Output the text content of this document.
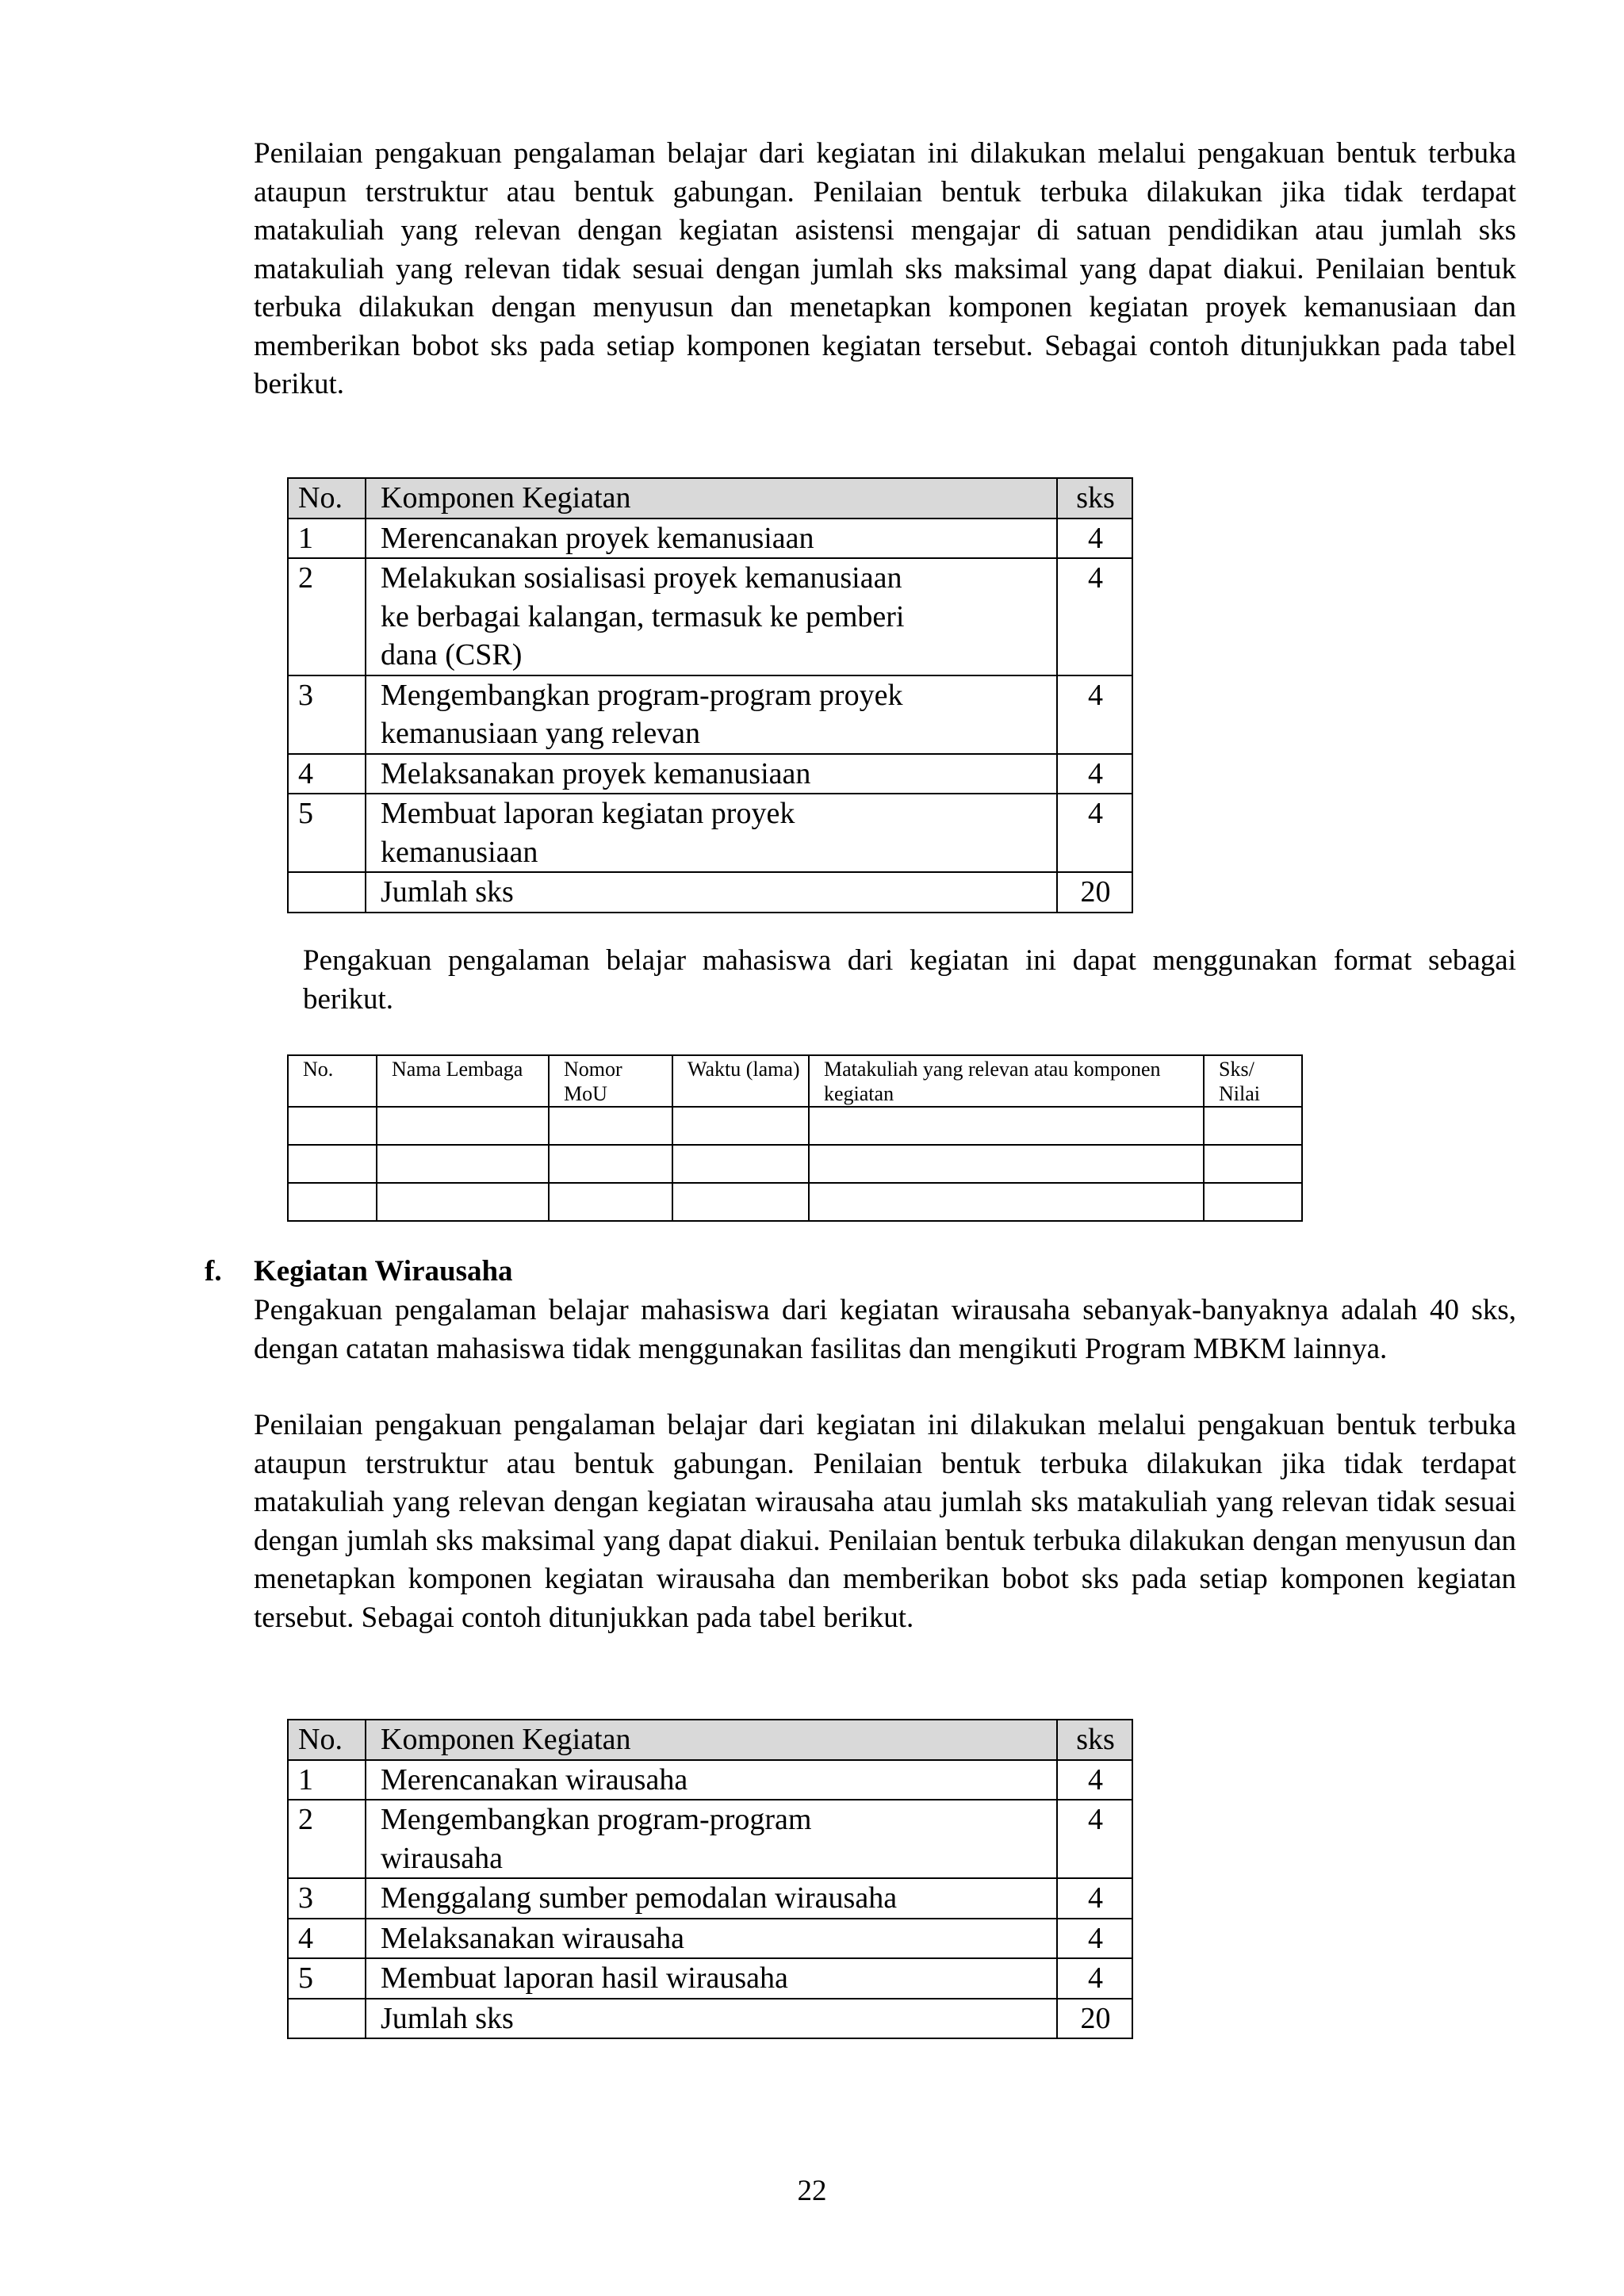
Penilaian pengakuan pengalaman belajar dari kegiatan ini dilakukan melalui pengakuan bentuk terbuka ataupun terstruktur atau bentuk gabungan. Penilaian bentuk terbuka dilakukan jika tidak terdapat matakuliah yang relevan dengan kegiatan asistensi mengajar di satuan pendidikan atau jumlah sks matakuliah yang relevan tidak sesuai dengan jumlah sks maksimal yang dapat diakui. Penilaian bentuk terbuka dilakukan dengan menyusun dan menetapkan komponen kegiatan proyek kemanusiaan dan memberikan bobot sks pada setiap komponen kegiatan tersebut. Sebagai contoh ditunjukkan pada tabel berikut.

No.	Komponen Kegiatan	sks
1	Merencanakan proyek kemanusiaan	4
2	Melakukan sosialisasi proyek kemanusiaan ke berbagai kalangan, termasuk ke pemberi dana (CSR)	4
3	Mengembangkan program-program proyek kemanusiaan yang relevan	4
4	Melaksanakan proyek kemanusiaan	4
5	Membuat laporan kegiatan proyek kemanusiaan	4
	Jumlah sks	20

Pengakuan pengalaman belajar mahasiswa dari kegiatan ini dapat menggunakan format sebagai berikut.

No.	Nama Lembaga	Nomor MoU	Waktu (lama)	Matakuliah yang relevan atau komponen kegiatan	Sks/ Nilai

f. Kegiatan Wirausaha

Pengakuan pengalaman belajar mahasiswa dari kegiatan wirausaha sebanyak-banyaknya adalah 40 sks, dengan catatan mahasiswa tidak menggunakan fasilitas dan mengikuti Program MBKM lainnya.

Penilaian pengakuan pengalaman belajar dari kegiatan ini dilakukan melalui pengakuan bentuk terbuka ataupun terstruktur atau bentuk gabungan. Penilaian bentuk terbuka dilakukan jika tidak terdapat matakuliah yang relevan dengan kegiatan wirausaha atau jumlah sks matakuliah yang relevan tidak sesuai dengan jumlah sks maksimal yang dapat diakui. Penilaian bentuk terbuka dilakukan dengan menyusun dan menetapkan komponen kegiatan wirausaha dan memberikan bobot sks pada setiap komponen kegiatan tersebut. Sebagai contoh ditunjukkan pada tabel berikut.

No.	Komponen Kegiatan	sks
1	Merencanakan wirausaha	4
2	Mengembangkan program-program wirausaha	4
3	Menggalang sumber pemodalan wirausaha	4
4	Melaksanakan wirausaha	4
5	Membuat laporan hasil wirausaha	4
	Jumlah sks	20
22
